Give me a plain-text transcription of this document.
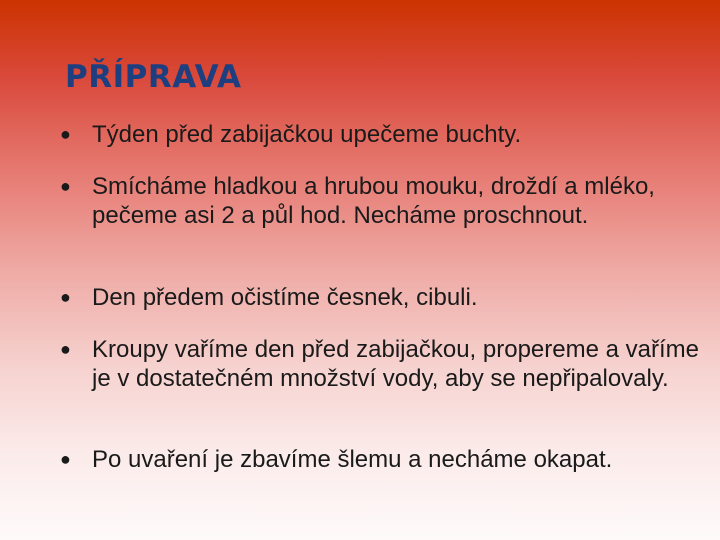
PŘÍPRAVA
● Týden před zabijačkou upečeme buchty.
● Smícháme hladkou a hrubou mouku, droždí a mléko, pečeme asi 2 a půl hod. Necháme proschnout.
● Den předem očistíme česnek, cibuli.
● Kroupy vaříme den před zabijačkou, propereme a vaříme je v dostatečném množství vody, aby se nepřipalovaly.
● Po uvaření je zbavíme šlemu a necháme okapat.
